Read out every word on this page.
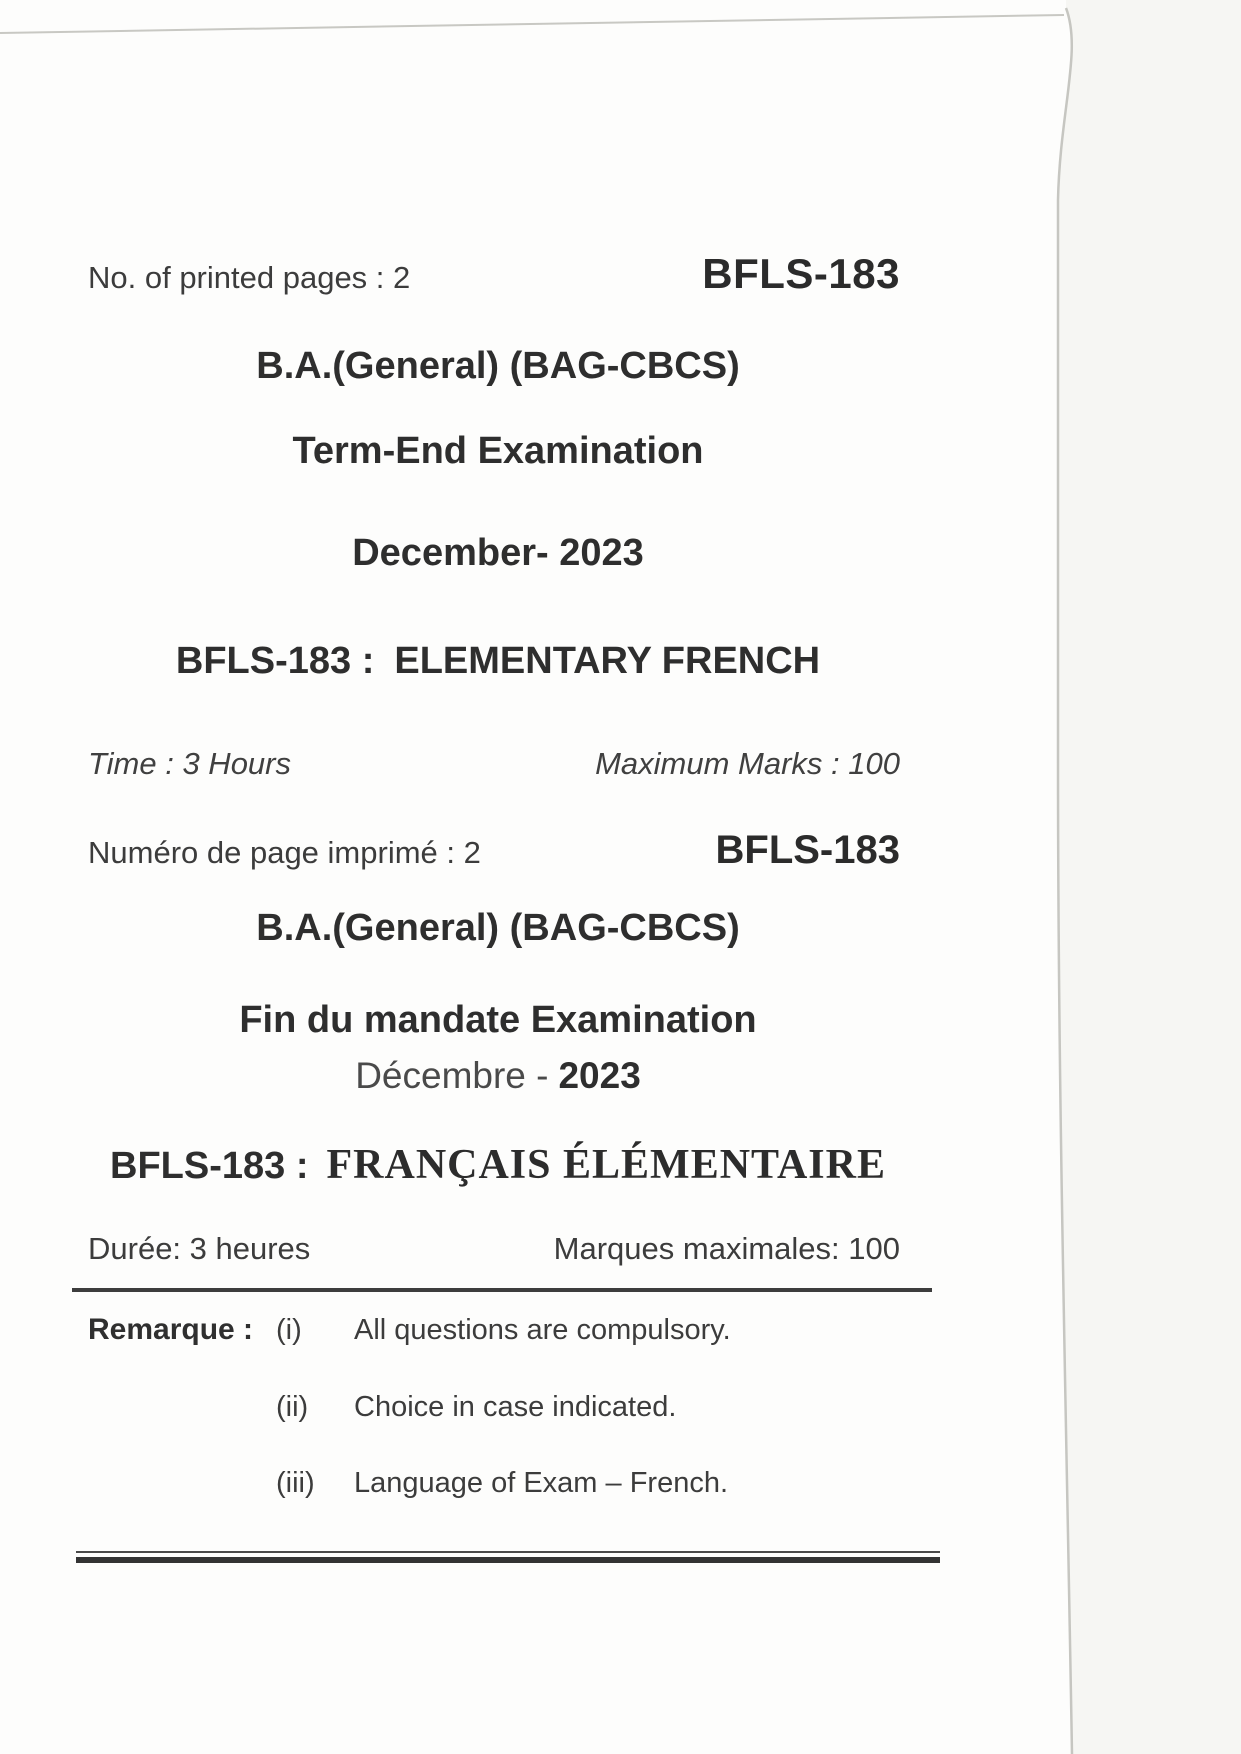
No. of printed pages : 2	BFLS-183
B.A.(General) (BAG-CBCS)
Term-End Examination
December- 2023
BFLS-183 : ELEMENTARY FRENCH
Time : 3 Hours	Maximum Marks : 100
Numéro de page imprimé : 2	BFLS-183
B.A.(General) (BAG-CBCS)
Fin du mandate Examination
Décembre - 2023
BFLS-183 : FRANÇAIS ÉLÉMENTAIRE
Durée: 3 heures	Marques maximales: 100
Remarque : (i)	All questions are compulsory.
(ii)	Choice in case indicated.
(iii)	Language of Exam – French.
